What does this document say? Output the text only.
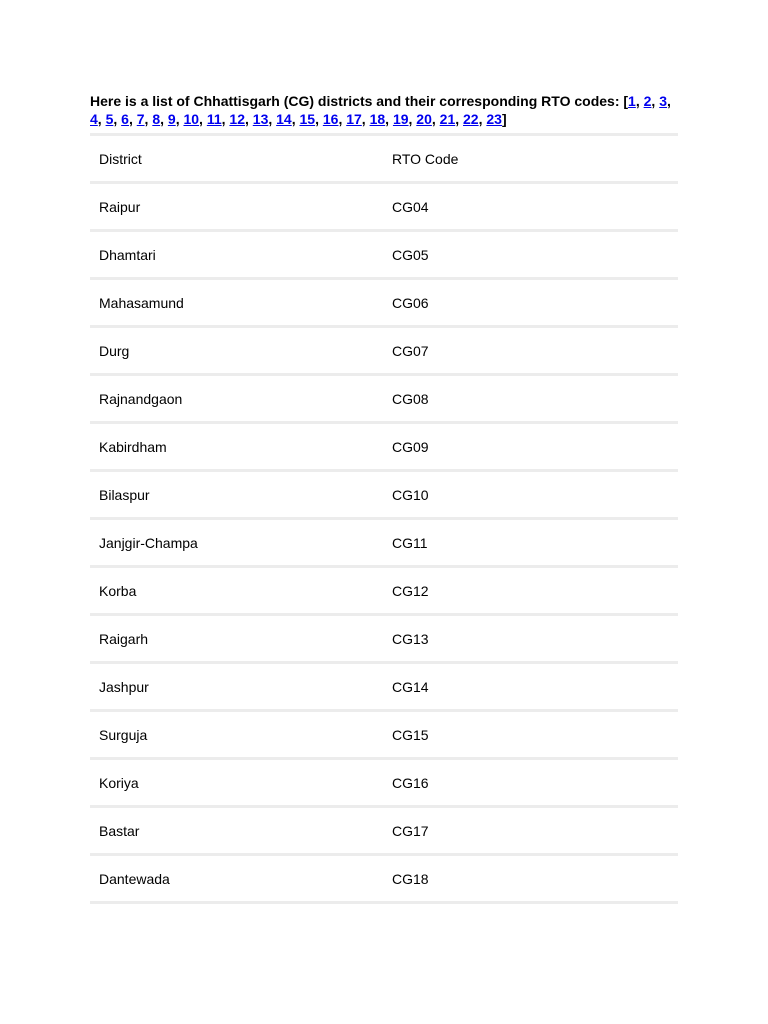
Here is a list of Chhattisgarh (CG) districts and their corresponding RTO codes: [1, 2, 3, 4, 5, 6, 7, 8, 9, 10, 11, 12, 13, 14, 15, 16, 17, 18, 19, 20, 21, 22, 23]

District	RTO Code
Raipur	CG04
Dhamtari	CG05
Mahasamund	CG06
Durg	CG07
Rajnandgaon	CG08
Kabirdham	CG09
Bilaspur	CG10
Janjgir-Champa	CG11
Korba	CG12
Raigarh	CG13
Jashpur	CG14
Surguja	CG15
Koriya	CG16
Bastar	CG17
Dantewada	CG18
